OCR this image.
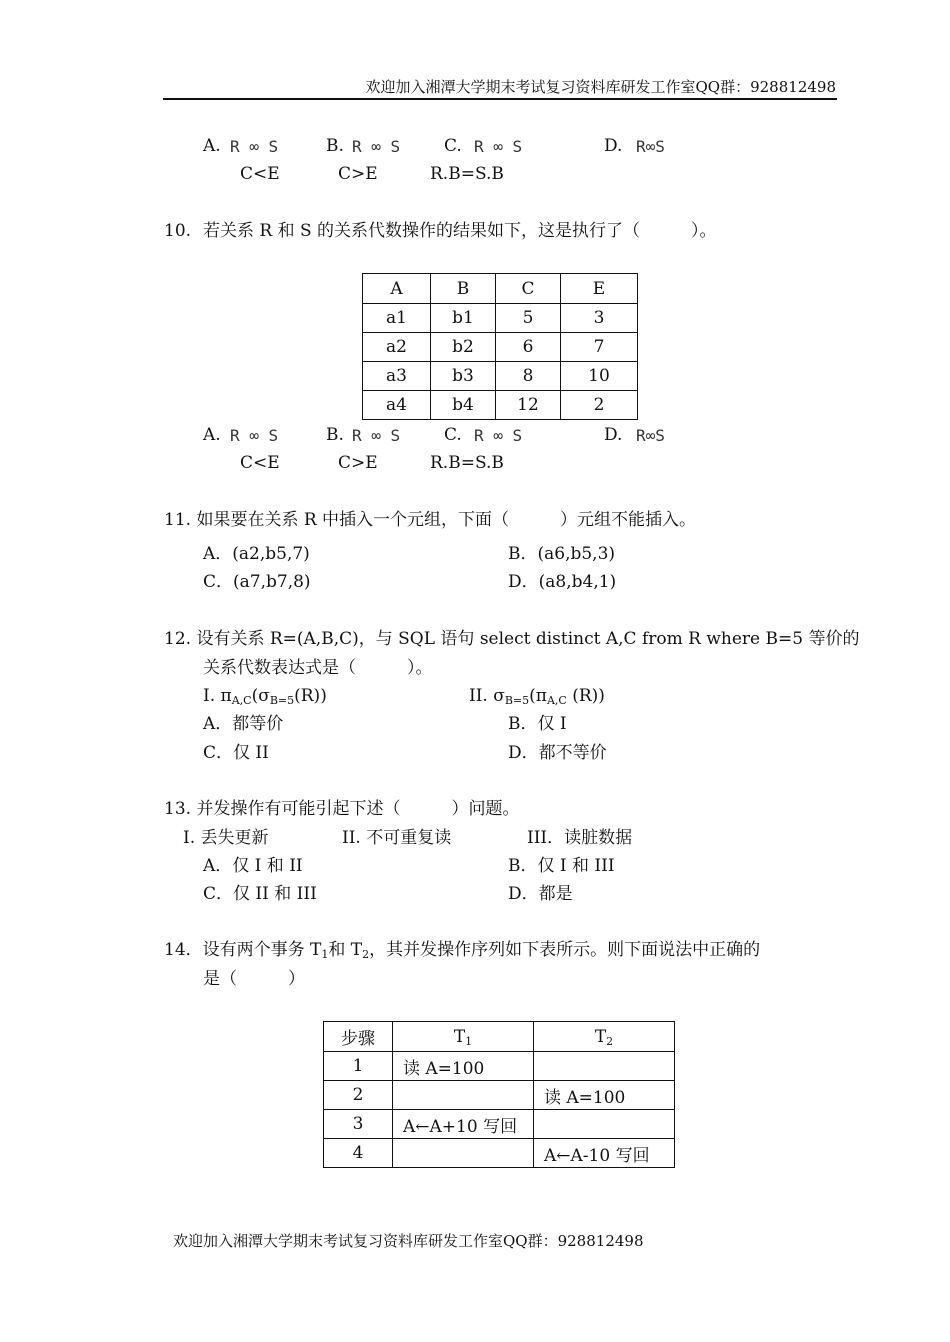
欢迎加入湘潭大学期末考试复习资料库研发工作室QQ群：928812498
A. R ∞ S
C<E
B. R ∞ S
C>E
C. R ∞ S
R.B=S.B
D. R∞S
10. 若关系 R 和 S 的关系代数操作的结果如下，这是执行了（　　　）。
A	B	C	E
a1	b1	5	3
a2	b2	6	7
a3	b3	8	10
a4	b4	12	2
A. R ∞ S
C<E
B. R ∞ S
C>E
C. R ∞ S
R.B=S.B
D. R∞S
11. 如果要在关系 R 中插入一个元组，下面（　　　）元组不能插入。
A．(a2,b5,7)	B．(a6,b5,3)
C．(a7,b7,8)	D．(a8,b4,1)
12. 设有关系 R=(A,B,C)，与 SQL 语句 select distinct A,C from R where B=5 等价的
关系代数表达式是（　　　）。
I. $\pi_{A,C}(\sigma_{B=5}(R))$	II. $\sigma_{B=5}(\pi_{A,C}$ (R))
A．都等价	B．仅 I
C．仅 II	D．都不等价
13. 并发操作有可能引起下述（　　　）问题。
I. 丢失更新	II. 不可重复读	III．读脏数据
A．仅 I 和 II	B．仅 I 和 III
C．仅 II 和 III	D．都是
14．设有两个事务 $T_1$和 $T_2$，其并发操作序列如下表所示。则下面说法中正确的
是（　　　）
步骤	$T_1$	$T_2$
1	读 A=100	
2		读 A=100
3	A←A+10 写回	
4		A←A-10 写回
欢迎加入湘潭大学期末考试复习资料库研发工作室QQ群：928812498
